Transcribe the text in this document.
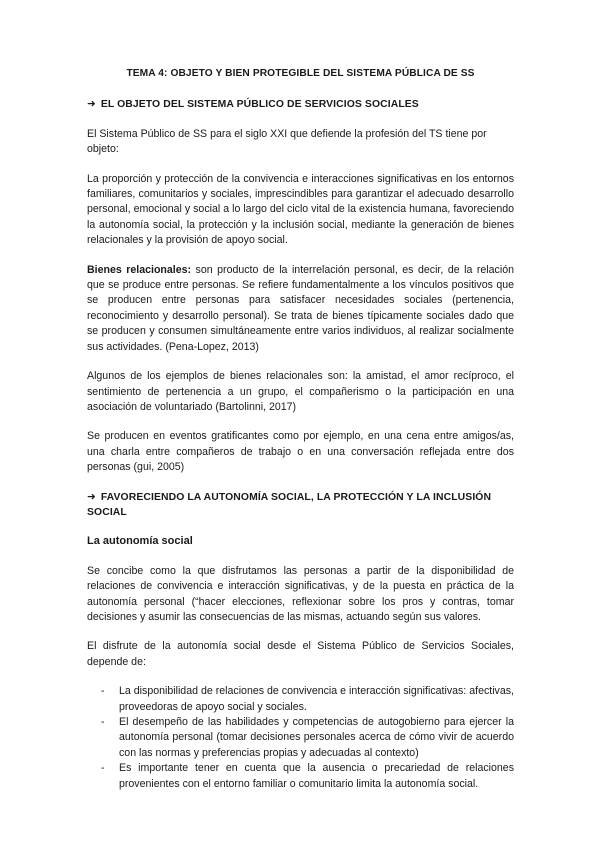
TEMA 4: OBJETO Y BIEN PROTEGIBLE DEL SISTEMA PÚBLICA DE SS
➜ EL OBJETO DEL SISTEMA PÚBLICO DE SERVICIOS SOCIALES

El Sistema Público de SS para el siglo XXI que defiende la profesión del TS tiene por objeto:

La proporción y protección de la convivencia e interacciones significativas en los entornos familiares, comunitarios y sociales, imprescindibles para garantizar el adecuado desarrollo personal, emocional y social a lo largo del ciclo vital de la existencia humana, favoreciendo la autonomía social, la protección y la inclusión social, mediante la generación de bienes relacionales y la provisión de apoyo social.

Bienes relacionales: son producto de la interrelación personal, es decir, de la relación que se produce entre personas. Se refiere fundamentalmente a los vínculos positivos que se producen entre personas para satisfacer necesidades sociales (pertenencia, reconocimiento y desarrollo personal). Se trata de bienes típicamente sociales dado que se producen y consumen simultáneamente entre varios individuos, al realizar socialmente sus actividades. (Pena-Lopez, 2013)

Algunos de los ejemplos de bienes relacionales son: la amistad, el amor recíproco, el sentimiento de pertenencia a un grupo, el compañerismo o la participación en una asociación de voluntariado (Bartolinni, 2017)

Se producen en eventos gratificantes como por ejemplo, en una cena entre amigos/as, una charla entre compañeros de trabajo o en una conversación reflejada entre dos personas (gui, 2005)

➜ FAVORECIENDO LA AUTONOMÍA SOCIAL, LA PROTECCIÓN Y LA INCLUSIÓN SOCIAL
La autonomía social

Se concibe como la que disfrutamos las personas a partir de la disponibilidad de relaciones de convivencia e interacción significativas, y de la puesta en práctica de la autonomía personal (“hacer elecciones, reflexionar sobre los pros y contras, tomar decisiones y asumir las consecuencias de las mismas, actuando según sus valores.

El disfrute de la autonomía social desde el Sistema Público de Servicios Sociales, depende de:

- La disponibilidad de relaciones de convivencia e interacción significativas: afectivas, proveedoras de apoyo social y sociales.
- El desempeño de las habilidades y competencias de autogobierno para ejercer la autonomía personal (tomar decisiones personales acerca de cómo vivir de acuerdo con las normas y preferencias propias y adecuadas al contexto)
- Es importante tener en cuenta que la ausencia o precariedad de relaciones provenientes con el entorno familiar o comunitario limita la autonomía social.
